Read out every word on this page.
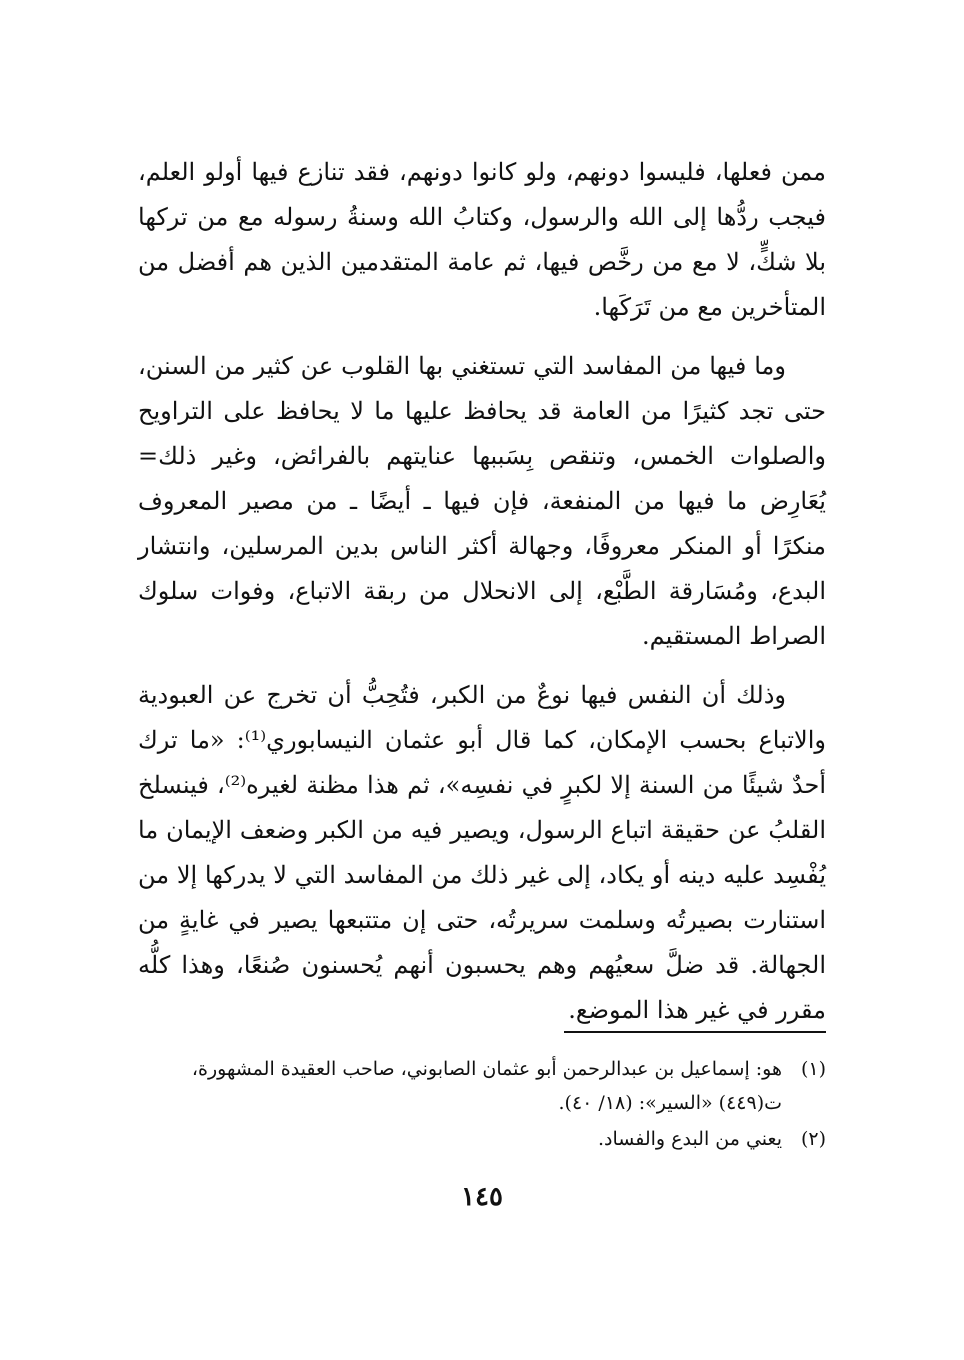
ممن فعلها، فليسوا دونهم، ولو كانوا دونهم، فقد تنازع فيها أولو العلم، فيجب ردُّها إلى الله والرسول، وكتابُ الله وسنةُ رسوله مع من تركها بلا شكٍّ، لا مع من رخَّص فيها، ثم عامة المتقدمين الذين هم أفضل من المتأخرين مع من تَرَكَها.

وما فيها من المفاسد التي تستغني بها القلوب عن كثير من السنن، حتى تجد كثيرًا من العامة قد يحافظ عليها ما لا يحافظ على التراويح والصلوات الخمس، وتنقص بِسَببها عنايتهم بالفرائض، وغير ذلك= يُعَارِض ما فيها من المنفعة، فإن فيها ـ أيضًا ـ من مصير المعروف منكرًا أو المنكر معروفًا، وجهالة أكثر الناس بدين المرسلين، وانتشار البدع، ومُسَارقة الطَّبْع، إلى الانحلال من ربقة الاتباع، وفوات سلوك الصراط المستقيم.

وذلك أن النفس فيها نوعٌ من الكبر، فتُحِبُّ أن تخرج عن العبودية والاتباع بحسب الإمكان، كما قال أبو عثمان النيسابوري⁽¹⁾: «ما ترك أحدٌ شيئًا من السنة إلا لكبرٍ في نفسِه»، ثم هذا مظنة لغيره⁽²⁾، فينسلخ القلبُ عن حقيقة اتباع الرسول، ويصير فيه من الكبر وضعف الإيمان ما يُفْسِد عليه دينه أو يكاد، إلى غير ذلك من المفاسد التي لا يدركها إلا من استنارت بصيرتُه وسلمت سريرتُه، حتى إن متتبعها يصير في غايةٍ من الجهالة. قد ضلَّ سعيُهم وهم يحسبون أنهم يُحسنون صُنعًا، وهذا كلُّه مقرر في غير هذا الموضع.

(١)
هو: إسماعيل بن عبدالرحمن أبو عثمان الصابوني، صاحب العقيدة المشهورة، ت(٤٤٩) «السير»: (١٨/ ٤٠).
(٢)
يعني من البدع والفساد.
١٤٥
